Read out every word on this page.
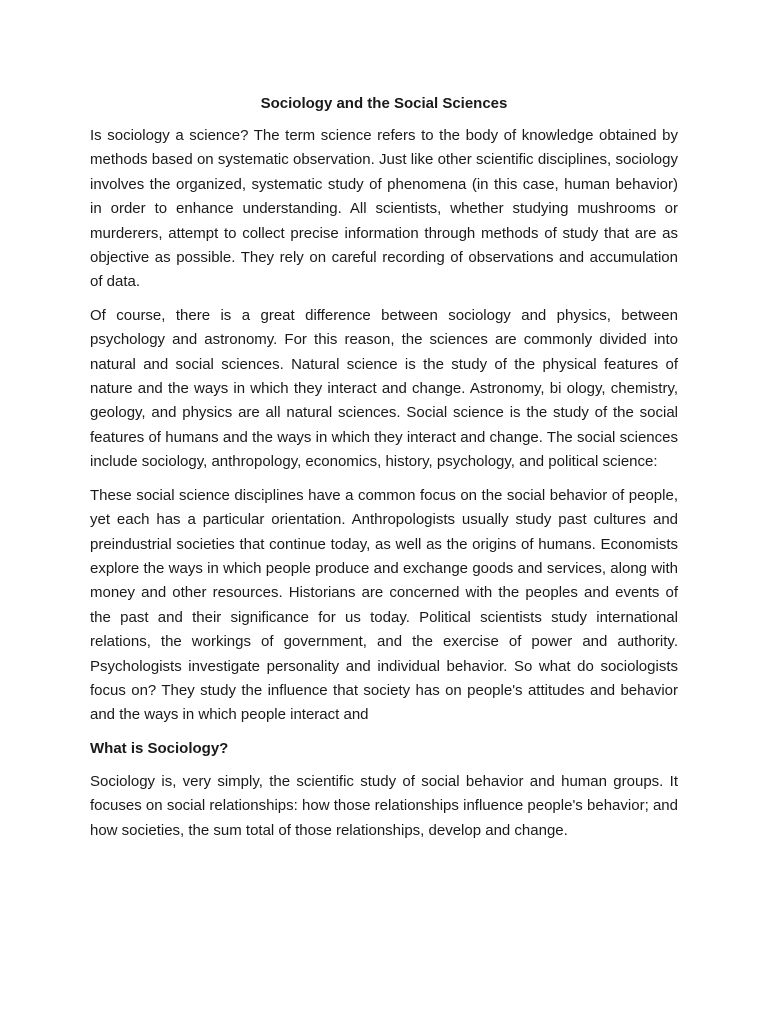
Sociology and the Social Sciences

Is sociology a science? The term science refers to the body of knowledge obtained by methods based on systematic observation. Just like other scientific disciplines, sociology involves the organized, systematic study of phenomena (in this case, human behavior) in order to enhance understanding. All scientists, whether studying mushrooms or murderers, attempt to collect precise information through methods of study that are as objective as possible. They rely on careful recording of observations and accumulation of data.

Of course, there is a great difference between sociology and physics, between psychology and astronomy. For this reason, the sciences are commonly divided into natural and social sciences. Natural science is the study of the physical features of nature and the ways in which they interact and change. Astronomy, bi ology, chemistry, geology, and physics are all natural sciences. Social science is the study of the social features of humans and the ways in which they interact and change. The social sciences include sociology, anthropology, economics, history, psychology, and political science:

These social science disciplines have a common focus on the social behavior of people, yet each has a particular orientation. Anthropologists usually study past cultures and preindustrial societies that continue today, as well as the origins of humans. Economists explore the ways in which people produce and exchange goods and services, along with money and other resources. Historians are concerned with the peoples and events of the past and their significance for us today. Political scientists study international relations, the workings of government, and the exercise of power and authority. Psychologists investigate personality and individual behavior. So what do sociologists focus on? They study the influence that society has on people's attitudes and behavior and the ways in which people interact and

What is Sociology?

Sociology is, very simply, the scientific study of social behavior and human groups. It focuses on social relationships: how those relationships influence people's behavior; and how societies, the sum total of those relationships, develop and change.
